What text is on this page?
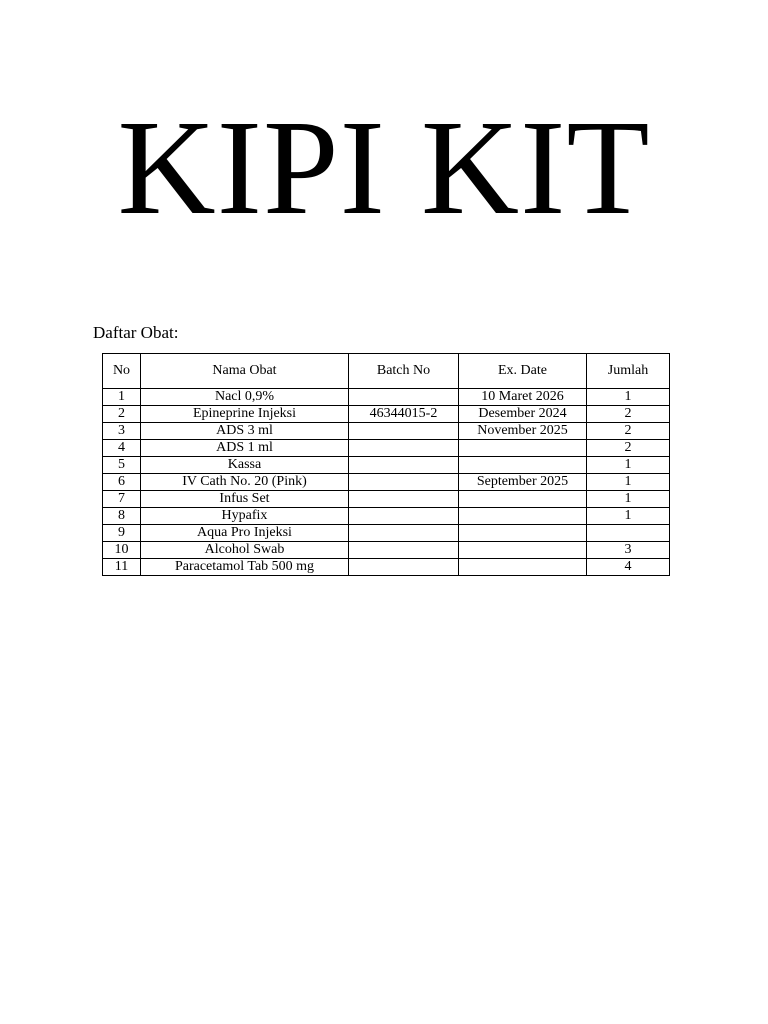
KIPI KIT

Daftar Obat:

No	Nama Obat	Batch No	Ex. Date	Jumlah
1	Nacl 0,9%		10 Maret 2026	1
2	Epineprine Injeksi	46344015-2	Desember 2024	2
3	ADS 3 ml		November 2025	2
4	ADS 1 ml			2
5	Kassa			1
6	IV Cath No. 20 (Pink)		September 2025	1
7	Infus Set			1
8	Hypafix			1
9	Aqua Pro Injeksi			
10	Alcohol Swab			3
11	Paracetamol Tab 500 mg			4
